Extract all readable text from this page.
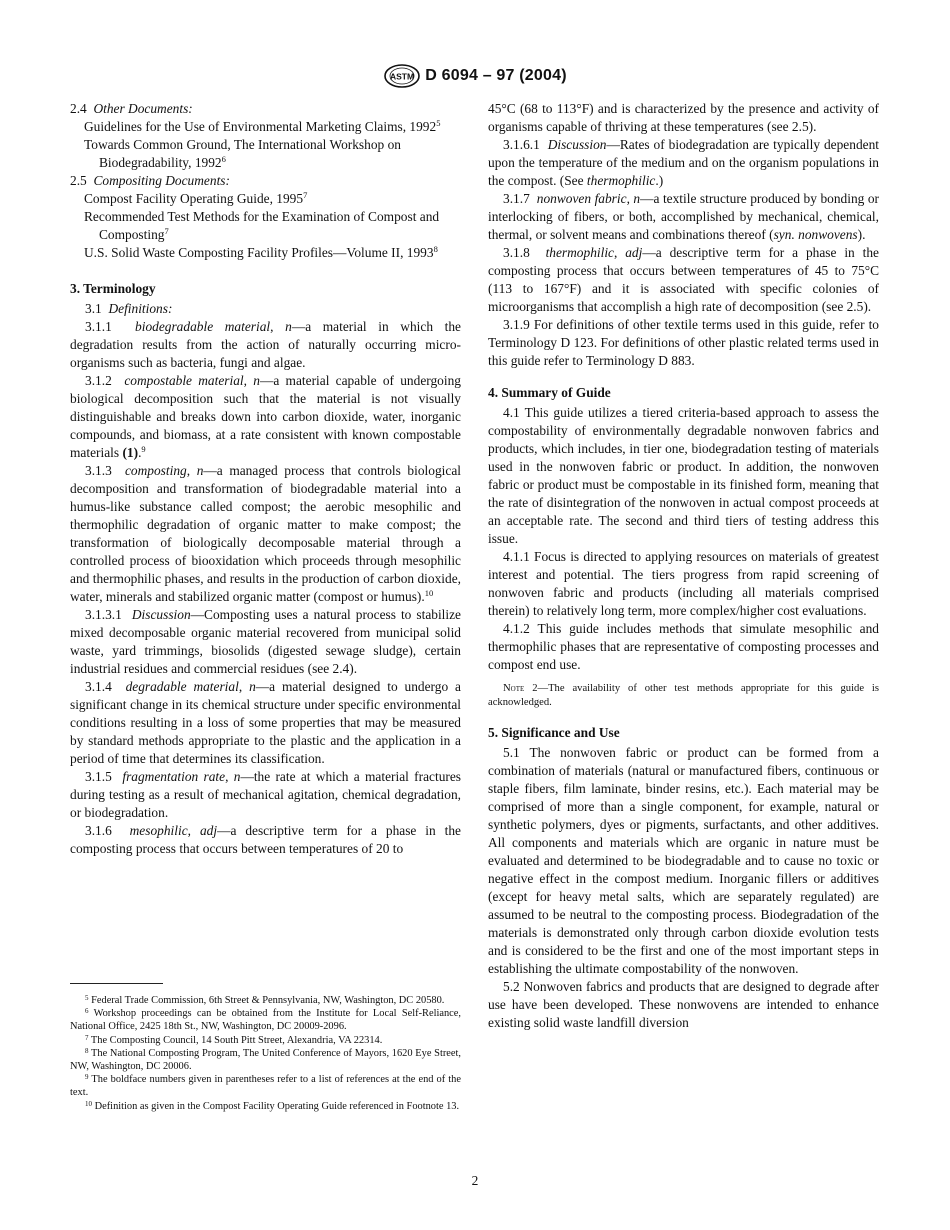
ASTM D 6094 – 97 (2004)

2.4 Other Documents:

Guidelines for the Use of Environmental Marketing Claims, 1992$^5$

Towards Common Ground, The International Workshop on Biodegradability, 1992$^6$

2.5 Compositing Documents:

Compost Facility Operating Guide, 1995$^7$

Recommended Test Methods for the Examination of Compost and Composting$^7$

U.S. Solid Waste Composting Facility Profiles—Volume II, 1993$^8$

3. Terminology

3.1 Definitions:

3.1.1 biodegradable material, n—a material in which the degradation results from the action of naturally occurring micro-organisms such as bacteria, fungi and algae.

3.1.2 compostable material, n—a material capable of undergoing biological decomposition such that the material is not visually distinguishable and breaks down into carbon dioxide, water, inorganic compounds, and biomass, at a rate consistent with known compostable materials (1).$^9$

3.1.3 composting, n—a managed process that controls biological decomposition and transformation of biodegradable material into a humus-like substance called compost; the aerobic mesophilic and thermophilic degradation of organic matter to make compost; the transformation of biologically decomposable material through a controlled process of biooxidation which proceeds through mesophilic and thermophilic phases, and results in the production of carbon dioxide, water, minerals and stabilized organic matter (compost or humus).$^{10}$

3.1.3.1 Discussion—Composting uses a natural process to stabilize mixed decomposable organic material recovered from municipal solid waste, yard trimmings, biosolids (digested sewage sludge), certain industrial residues and commercial residues (see 2.4).

3.1.4 degradable material, n—a material designed to undergo a significant change in its chemical structure under specific environmental conditions resulting in a loss of some properties that may be measured by standard methods appropriate to the plastic and the application in a period of time that determines its classification.

3.1.5 fragmentation rate, n—the rate at which a material fractures during testing as a result of mechanical agitation, chemical degradation, or biodegradation.

3.1.6 mesophilic, adj—a descriptive term for a phase in the composting process that occurs between temperatures of 20 to

45°C (68 to 113°F) and is characterized by the presence and activity of organisms capable of thriving at these temperatures (see 2.5).

3.1.6.1 Discussion—Rates of biodegradation are typically dependent upon the temperature of the medium and on the organism populations in the compost. (See thermophilic.)

3.1.7 nonwoven fabric, n—a textile structure produced by bonding or interlocking of fibers, or both, accomplished by mechanical, chemical, thermal, or solvent means and combinations thereof (syn. nonwovens).

3.1.8 thermophilic, adj—a descriptive term for a phase in the composting process that occurs between temperatures of 45 to 75°C (113 to 167°F) and it is associated with specific colonies of microorganisms that accomplish a high rate of decomposition (see 2.5).

3.1.9 For definitions of other textile terms used in this guide, refer to Terminology D 123. For definitions of other plastic related terms used in this guide refer to Terminology D 883.

4. Summary of Guide

4.1 This guide utilizes a tiered criteria-based approach to assess the compostability of environmentally degradable nonwoven fabrics and products, which includes, in tier one, biodegradation testing of materials used in the nonwoven fabric or product. In addition, the nonwoven fabric or product must be compostable in its finished form, meaning that the rate of disintegration of the nonwoven in actual compost proceeds at an acceptable rate. The second and third tiers of testing address this issue.

4.1.1 Focus is directed to applying resources on materials of greatest interest and potential. The tiers progress from rapid screening of nonwoven fabric and products (including all materials comprised therein) to relatively long term, more complex/higher cost evaluations.

4.1.2 This guide includes methods that simulate mesophilic and thermophilic phases that are representative of composting processes and compost end use.

Note 2—The availability of other test methods appropriate for this guide is acknowledged.

5. Significance and Use

5.1 The nonwoven fabric or product can be formed from a combination of materials (natural or manufactured fibers, continuous or staple fibers, film laminate, binder resins, etc.). Each material may be comprised of more than a single component, for example, natural or synthetic polymers, dyes or pigments, surfactants, and other additives. All components and materials which are organic in nature must be evaluated and determined to be biodegradable and to cause no toxic or negative effect in the compost medium. Inorganic fillers or additives (except for heavy metal salts, which are separately regulated) are assumed to be neutral to the composting process. Biodegradation of the materials is demonstrated only through carbon dioxide evolution tests and is considered to be the first and one of the most important steps in establishing the ultimate compostability of the nonwoven.

5.2 Nonwoven fabrics and products that are designed to degrade after use have been developed. These nonwovens are intended to enhance existing solid waste landfill diversion

$^5$ Federal Trade Commission, 6th Street & Pennsylvania, NW, Washington, DC 20580.

$^6$ Workshop proceedings can be obtained from the Institute for Local Self-Reliance, National Office, 2425 18th St., NW, Washington, DC 20009-2096.

$^7$ The Composting Council, 14 South Pitt Street, Alexandria, VA 22314.

$^8$ The National Composting Program, The United Conference of Mayors, 1620 Eye Street, NW, Washington, DC 20006.

$^9$ The boldface numbers given in parentheses refer to a list of references at the end of the text.

$^{10}$ Definition as given in the Compost Facility Operating Guide referenced in Footnote 13.

2
